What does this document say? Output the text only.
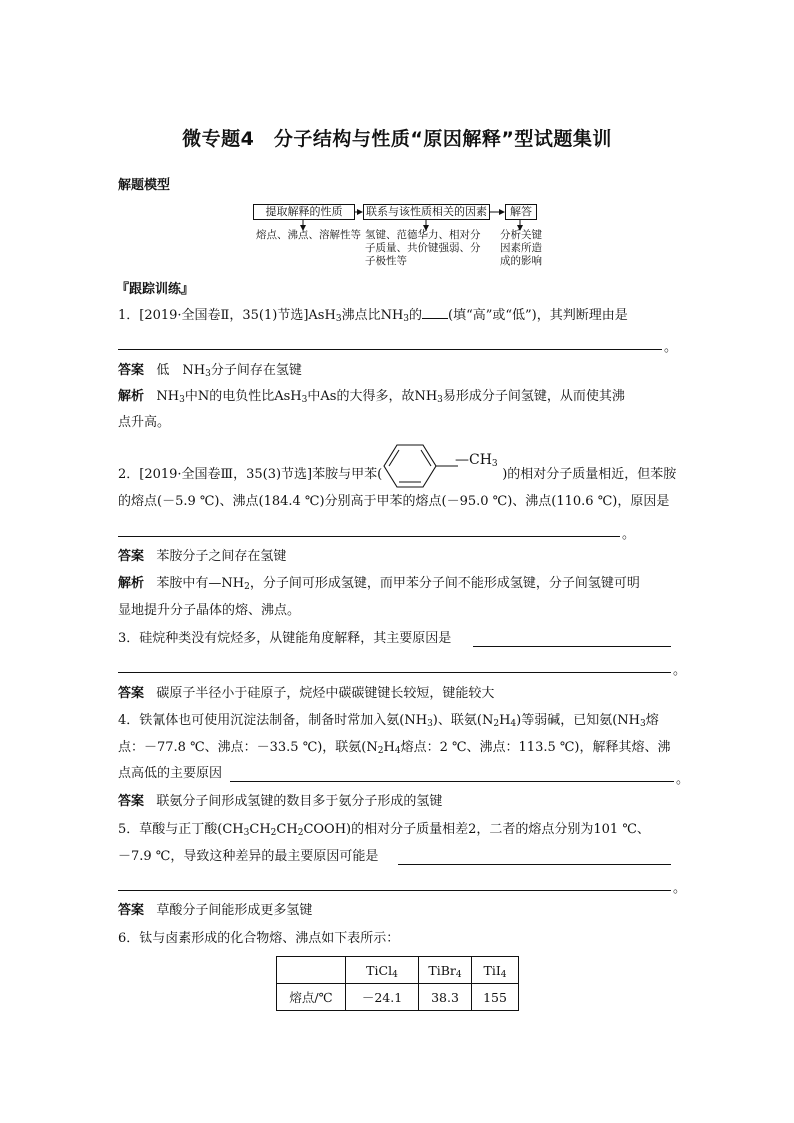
微专题4　分子结构与性质“原因解释”型试题集训
解题模型
提取解释的性质	联系与该性质相关的因素	解答
熔点、沸点、溶解性等 氢键、范德华力、相对分
子质量、共价键强弱、分
子极性等
分析关键
因素所造
成的影响
『跟踪训练』
1．[2019·全国卷Ⅱ，35(1)节选]AsH$_3$沸点比$NH_3$的 (填“高”或“低”)，其判断理由是
。
答案 低　$NH_3$分子间存在氢键
解析 $NH_3$中N的电负性比AsH$_3$中As的大得多，故$NH_3$易形成分子间氢键，从而使其沸
点升高。
2．[2019·全国卷Ⅲ，35(3)节选]苯胺与甲苯(	)的相对分子质量相近，但苯胺
$—CH_3$
的熔点(－5.9 ℃)、沸点(184.4 ℃)分别高于甲苯的熔点(－95.0 ℃)、沸点(110.6 ℃)，原因是
。
答案 苯胺分子之间存在氢键
解析 苯胺中有$—NH_2$，分子间可形成氢键，而甲苯分子间不能形成氢键，分子间氢键可明
显地提升分子晶体的熔、沸点。
3．硅烷种类没有烷烃多，从键能角度解释，其主要原因是
。
答案 碳原子半径小于硅原子，烷烃中碳碳键键长较短，键能较大
4．铁氰体也可使用沉淀法制备，制备时常加入氨$(NH_3)$、联氨$(N_2H_4)$等弱碱，已知氨($NH_3$熔
点：－77.8 ℃、沸点：－33.5 ℃)，联氨($N_2H_4$熔点：2 ℃、沸点：113.5 ℃)，解释其熔、沸
点高低的主要原因	。
答案 联氨分子间形成氢键的数目多于氨分子形成的氢键
5．草酸与正丁酸$(CH_3CH_2CH_2COOH)$的相对分子质量相差2，二者的熔点分别为101 ℃、
－7.9 ℃，导致这种差异的最主要原因可能是
。
答案 草酸分子间能形成更多氢键
6．钛与卤素形成的化合物熔、沸点如下表所示：
	TiCl$_4$	TiBr$_4$	TiI$_4$
熔点/℃	－24.1	38.3	155
